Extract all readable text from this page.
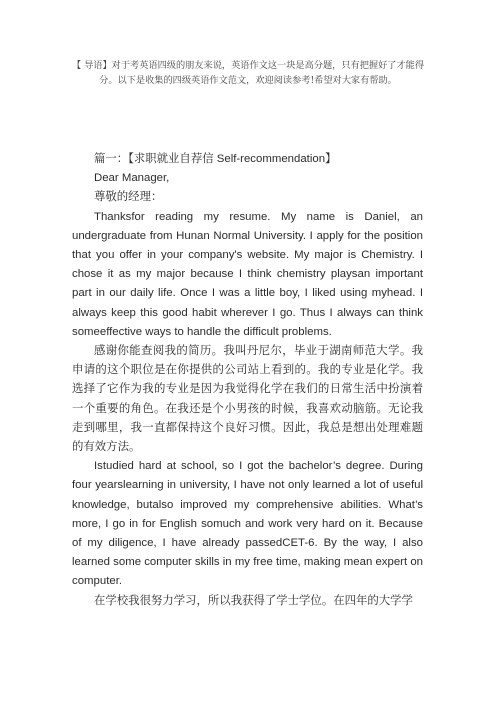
【 导语】对于考英语四级的朋友来说，英语作文这一块是高分题，只有把握好了才能得分。以下是收集的四级英语作文范文，欢迎阅读参考!希望对大家有帮助。

篇一：【求职就业自荐信 Self-recommendation】

Dear Manager,

尊敬的经理：

Thanksfor reading my resume. My name is Daniel, an undergraduate from Hunan Normal University. I apply for the position that you offer in your company's website. My major is Chemistry. I chose it as my major because I think chemistry playsan important part in our daily life. Once I was a little boy, I liked using myhead. I always keep this good habit wherever I go. Thus I always can think someeffective ways to handle the difficult problems.

感谢你能查阅我的简历。我叫丹尼尔，毕业于湖南师范大学。我申请的这个职位是在你提供的公司站上看到的。我的专业是化学。我选择了它作为我的专业是因为我觉得化学在我们的日常生活中扮演着一个重要的角色。在我还是个小男孩的时候，我喜欢动脑筋。无论我走到哪里，我一直都保持这个良好习惯。因此，我总是想出处理难题的有效方法。

Istudied hard at school, so I got the bachelor’s degree. During four yearslearning in university, I have not only learned a lot of useful knowledge, butalso improved my comprehensive abilities. What’s more, I go in for English somuch and work very hard on it. Because of my diligence, I have already passedCET-6. By the way, I also learned some computer skills in my free time, making mean expert on computer.

在学校我很努力学习，所以我获得了学士学位。在四年的大学学
